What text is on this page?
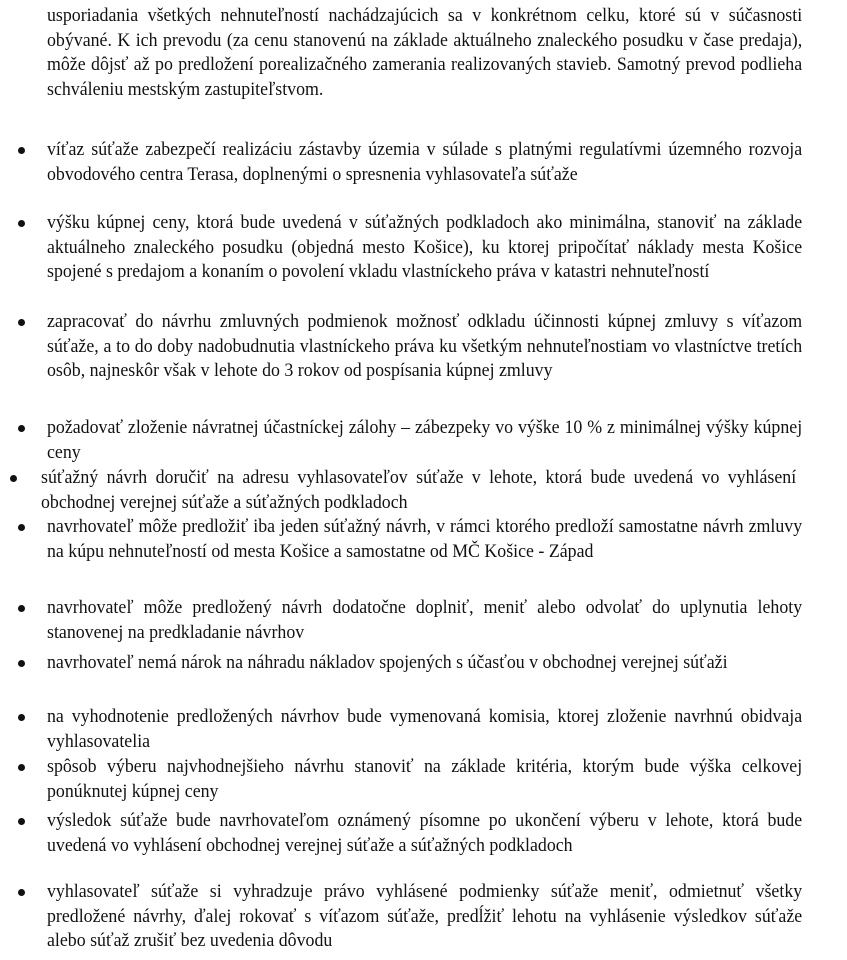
usporiadania všetkých nehnuteľností nachádzajúcich sa v konkrétnom celku, ktoré sú v súčasnosti obývané. K ich prevodu (za cenu stanovenú na základe aktuálneho znaleckého posudku v čase predaja), môže dôjsť až po predložení porealizačného zamerania realizovaných stavieb. Samotný prevod podlieha schváleniu mestským zastupiteľstvom.
víťaz súťaže zabezpečí realizáciu zástavby územia v súlade s platnými regulatívmi územného rozvoja obvodového centra Terasa, doplnenými o spresnenia vyhlasovateľa súťaže
výšku kúpnej ceny, ktorá bude uvedená v súťažných podkladoch ako minimálna, stanoviť na základe aktuálneho znaleckého posudku (objedná mesto Košice), ku ktorej pripočítať náklady mesta Košice spojené s predajom a konaním o povolení vkladu vlastníckeho práva v katastri nehnuteľností
zapracovať do návrhu zmluvných podmienok možnosť odkladu účinnosti kúpnej zmluvy s víťazom súťaže, a to do doby nadobudnutia vlastníckeho práva ku všetkým nehnuteľnostiam vo vlastníctve tretích osôb, najneskôr však v lehote do 3 rokov od pospísania kúpnej zmluvy
požadovať zloženie návratnej účastníckej zálohy – zábezpeky vo výške 10 % z minimálnej výšky kúpnej ceny
súťažný návrh doručiť na adresu vyhlasovateľov súťaže v lehote, ktorá bude uvedená vo vyhlásení obchodnej verejnej súťaže a súťažných podkladoch
navrhovateľ môže predložiť iba jeden súťažný návrh, v rámci ktorého predloží samostatne návrh zmluvy na kúpu nehnuteľností od mesta Košice a samostatne od MČ Košice - Západ
navrhovateľ môže predložený návrh dodatočne doplniť, meniť alebo odvolať do uplynutia lehoty stanovenej na predkladanie návrhov
navrhovateľ nemá nárok na náhradu nákladov spojených s účasťou v obchodnej verejnej súťaži
na vyhodnotenie predložených návrhov bude vymenovaná komisia, ktorej zloženie navrhnú obidvaja vyhlasovatelia
spôsob výberu najvhodnejšieho návrhu stanoviť na základe kritéria, ktorým bude výška celkovej ponúknutej kúpnej ceny
výsledok súťaže bude navrhovateľom oznámený písomne po ukončení výberu v lehote, ktorá bude uvedená vo vyhlásení obchodnej verejnej súťaže a súťažných podkladoch
vyhlasovateľ súťaže si vyhradzuje právo vyhlásené podmienky súťaže meniť, odmietnuť všetky predložené návrhy, ďalej rokovať s víťazom súťaže, predĺžiť lehotu na vyhlásenie výsledkov súťaže alebo súťaž zrušiť bez uvedenia dôvodu
